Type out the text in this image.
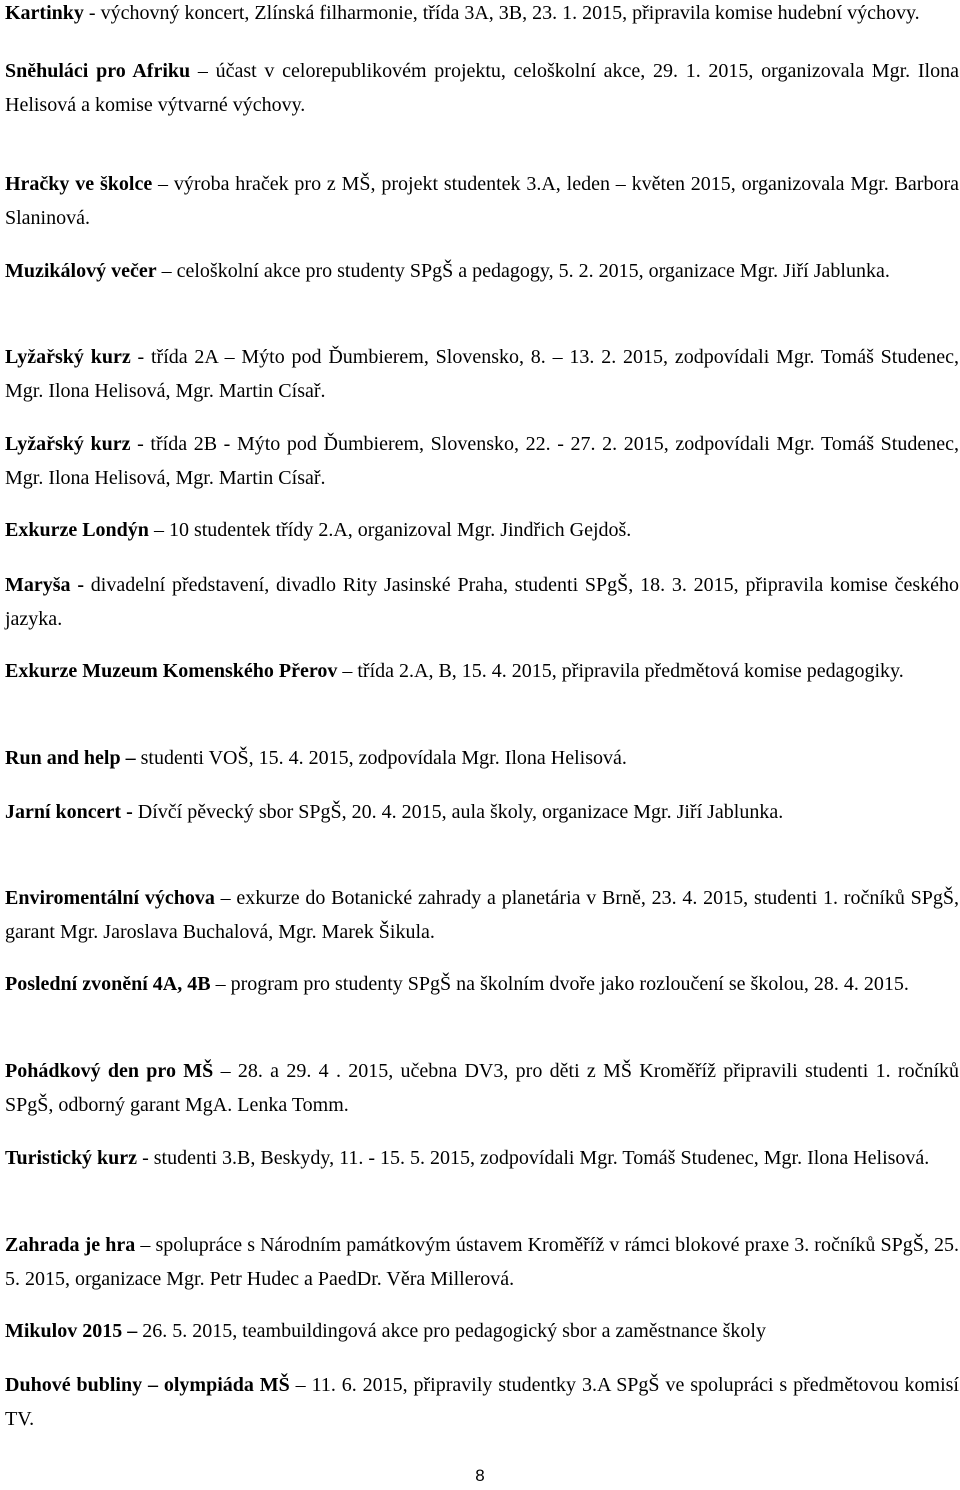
Kartinky - výchovný koncert, Zlínská filharmonie, třída 3A, 3B, 23. 1. 2015, připravila komise hudební výchovy.

Sněhuláci pro Afriku – účast v celorepublikovém projektu, celoškolní akce, 29. 1. 2015, organizovala Mgr. Ilona Helisová a komise výtvarné výchovy.

Hračky ve školce – výroba hraček pro z MŠ, projekt studentek 3.A, leden – květen 2015, organizovala Mgr. Barbora Slaninová.

Muzikálový večer – celoškolní akce pro studenty SPgŠ a pedagogy, 5. 2. 2015, organizace Mgr. Jiří Jablunka.

Lyžařský kurz - třída 2A – Mýto pod Ďumbierem, Slovensko, 8. – 13. 2. 2015, zodpovídali Mgr. Tomáš Studenec, Mgr. Ilona Helisová, Mgr. Martin Císař.

Lyžařský kurz - třída 2B - Mýto pod Ďumbierem, Slovensko, 22. - 27. 2. 2015, zodpovídali Mgr. Tomáš Studenec, Mgr. Ilona Helisová, Mgr. Martin Císař.

Exkurze Londýn – 10 studentek třídy 2.A, organizoval Mgr. Jindřich Gejdoš.

Maryša - divadelní představení, divadlo Rity Jasinské Praha, studenti SPgŠ, 18. 3. 2015, připravila komise českého jazyka.

Exkurze Muzeum Komenského Přerov – třída 2.A, B, 15. 4. 2015, připravila předmětová komise pedagogiky.

Run and help – studenti VOŠ, 15. 4. 2015, zodpovídala Mgr. Ilona Helisová.

Jarní koncert - Dívčí pěvecký sbor SPgŠ, 20. 4. 2015, aula školy, organizace Mgr. Jiří Jablunka.

Enviromentální výchova – exkurze do Botanické zahrady a planetária v Brně, 23. 4. 2015, studenti 1. ročníků SPgŠ, garant Mgr. Jaroslava Buchalová, Mgr. Marek Šikula.

Poslední zvonění 4A, 4B – program pro studenty SPgŠ na školním dvoře jako rozloučení se školou, 28. 4. 2015.

Pohádkový den pro MŠ – 28. a 29. 4 . 2015, učebna DV3, pro děti z MŠ Kroměříž připravili studenti 1. ročníků SPgŠ, odborný garant MgA. Lenka Tomm.

Turistický kurz - studenti 3.B, Beskydy, 11. - 15. 5. 2015, zodpovídali Mgr. Tomáš Studenec, Mgr. Ilona Helisová.

Zahrada je hra – spolupráce s Národním památkovým ústavem Kroměříž v rámci blokové praxe 3. ročníků SPgŠ, 25. 5. 2015, organizace Mgr. Petr Hudec a PaedDr. Věra Millerová.

Mikulov 2015 – 26. 5. 2015, teambuildingová akce pro pedagogický sbor a zaměstnance školy

Duhové bubliny – olympiáda MŠ – 11. 6. 2015, připravily studentky 3.A SPgŠ ve spolupráci s předmětovou komisí TV.

8
